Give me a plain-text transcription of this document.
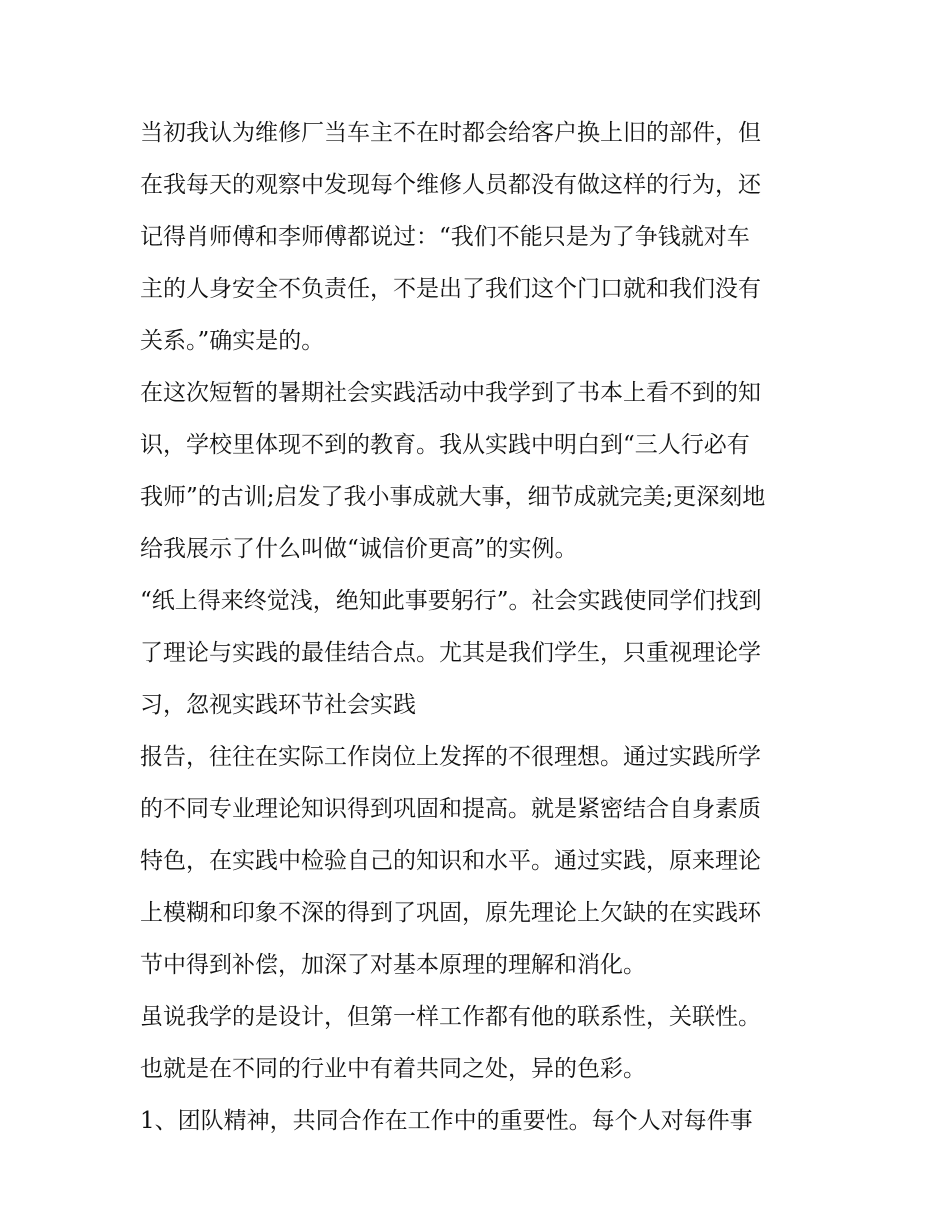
当初我认为维修厂当车主不在时都会给客户换上旧的部件，但
在我每天的观察中发现每个维修人员都没有做这样的行为，还
记得肖师傅和李师傅都说过：“我们不能只是为了争钱就对车
主的人身安全不负责任，不是出了我们这个门口就和我们没有
关系。”确实是的。
在这次短暂的暑期社会实践活动中我学到了书本上看不到的知
识，学校里体现不到的教育。我从实践中明白到“三人行必有
我师”的古训;启发了我小事成就大事，细节成就完美;更深刻地
给我展示了什么叫做“诚信价更高”的实例。
“纸上得来终觉浅，绝知此事要躬行”。社会实践使同学们找到
了理论与实践的最佳结合点。尤其是我们学生，只重视理论学
习，忽视实践环节社会实践
报告，往往在实际工作岗位上发挥的不很理想。通过实践所学
的不同专业理论知识得到巩固和提高。就是紧密结合自身素质
特色，在实践中检验自己的知识和水平。通过实践，原来理论
上模糊和印象不深的得到了巩固，原先理论上欠缺的在实践环
节中得到补偿，加深了对基本原理的理解和消化。
虽说我学的是设计，但第一样工作都有他的联系性，关联性。
也就是在不同的行业中有着共同之处，异的色彩。
1、团队精神，共同合作在工作中的重要性。每个人对每件事
